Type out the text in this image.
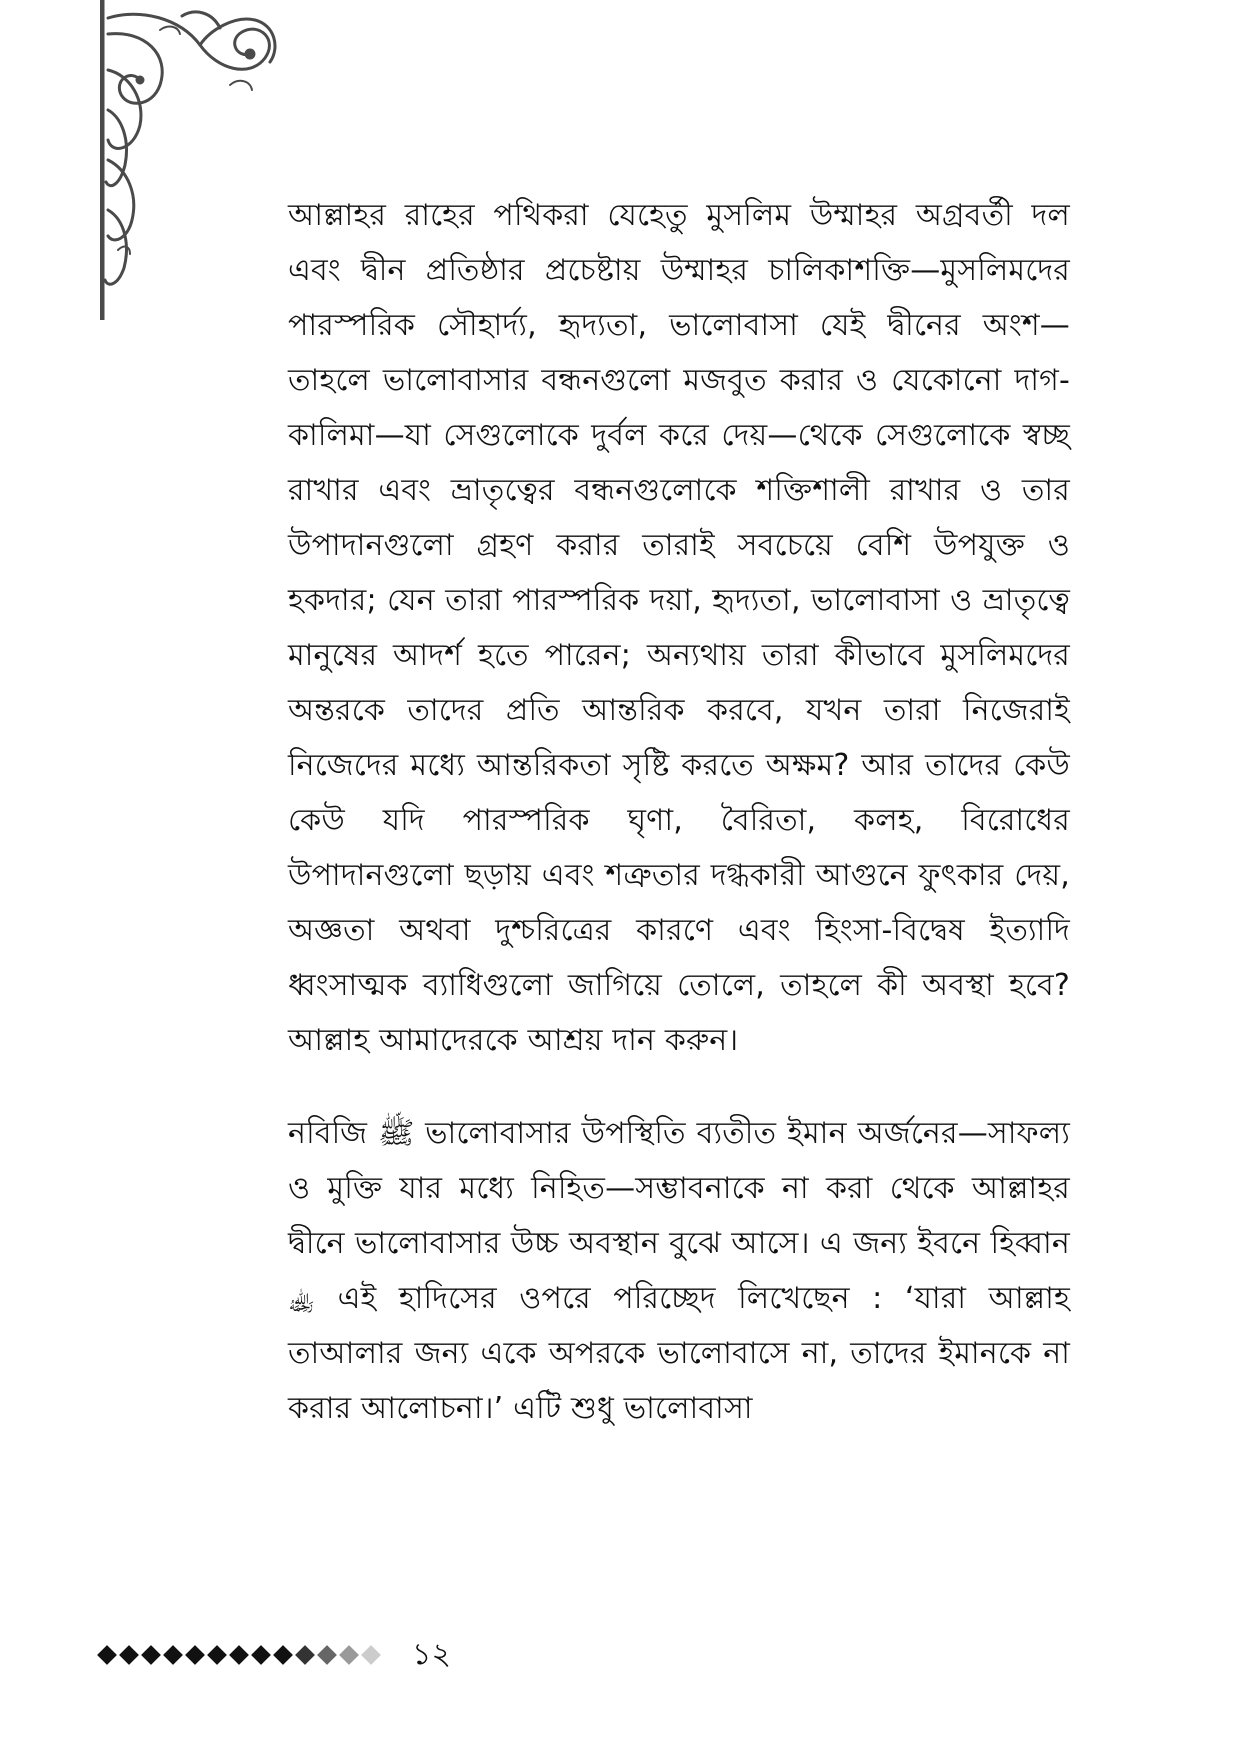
আল্লাহর রাহের পথিকরা যেহেতু মুসলিম উম্মাহর অগ্রবর্তী দল এবং দ্বীন প্রতিষ্ঠার প্রচেষ্টায় উম্মাহর চালিকাশক্তি—মুসলিমদের পারস্পরিক সৌহার্দ্য, হৃদ্যতা, ভালোবাসা যেই দ্বীনের অংশ—তাহলে ভালোবাসার বন্ধনগুলো মজবুত করার ও যেকোনো দাগ-কালিমা—যা সেগুলোকে দুর্বল করে দেয়—থেকে সেগুলোকে স্বচ্ছ রাখার এবং ভ্রাতৃত্বের বন্ধনগুলোকে শক্তিশালী রাখার ও তার উপাদানগুলো গ্রহণ করার তারাই সবচেয়ে বেশি উপযুক্ত ও হকদার; যেন তারা পারস্পরিক দয়া, হৃদ্যতা, ভালোবাসা ও ভ্রাতৃত্বে মানুষের আদর্শ হতে পারেন; অন্যথায় তারা কীভাবে মুসলিমদের অন্তরকে তাদের প্রতি আন্তরিক করবে, যখন তারা নিজেরাই নিজেদের মধ্যে আন্তরিকতা সৃষ্টি করতে অক্ষম? আর তাদের কেউ কেউ যদি পারস্পরিক ঘৃণা, বৈরিতা, কলহ, বিরোধের উপাদানগুলো ছড়ায় এবং শত্রুতার দগ্ধকারী আগুনে ফুৎকার দেয়, অজ্ঞতা অথবা দুশ্চরিত্রের কারণে এবং হিংসা-বিদ্বেষ ইত্যাদি ধ্বংসাত্মক ব্যাধিগুলো জাগিয়ে তোলে, তাহলে কী অবস্থা হবে? আল্লাহ আমাদেরকে আশ্রয় দান করুন।

নবিজি ﷺ ভালোবাসার উপস্থিতি ব্যতীত ইমান অর্জনের—সাফল্য ও মুক্তি যার মধ্যে নিহিত—সম্ভাবনাকে না করা থেকে আল্লাহর দ্বীনে ভালোবাসার উচ্চ অবস্থান বুঝে আসে। এ জন্য ইবনে হিব্বান ﵀ এই হাদিসের ওপরে পরিচ্ছেদ লিখেছেন : ‘যারা আল্লাহ তাআলার জন্য একে অপরকে ভালোবাসে না, তাদের ইমানকে না করার আলোচনা।’ এটি শুধু ভালোবাসা

১২
